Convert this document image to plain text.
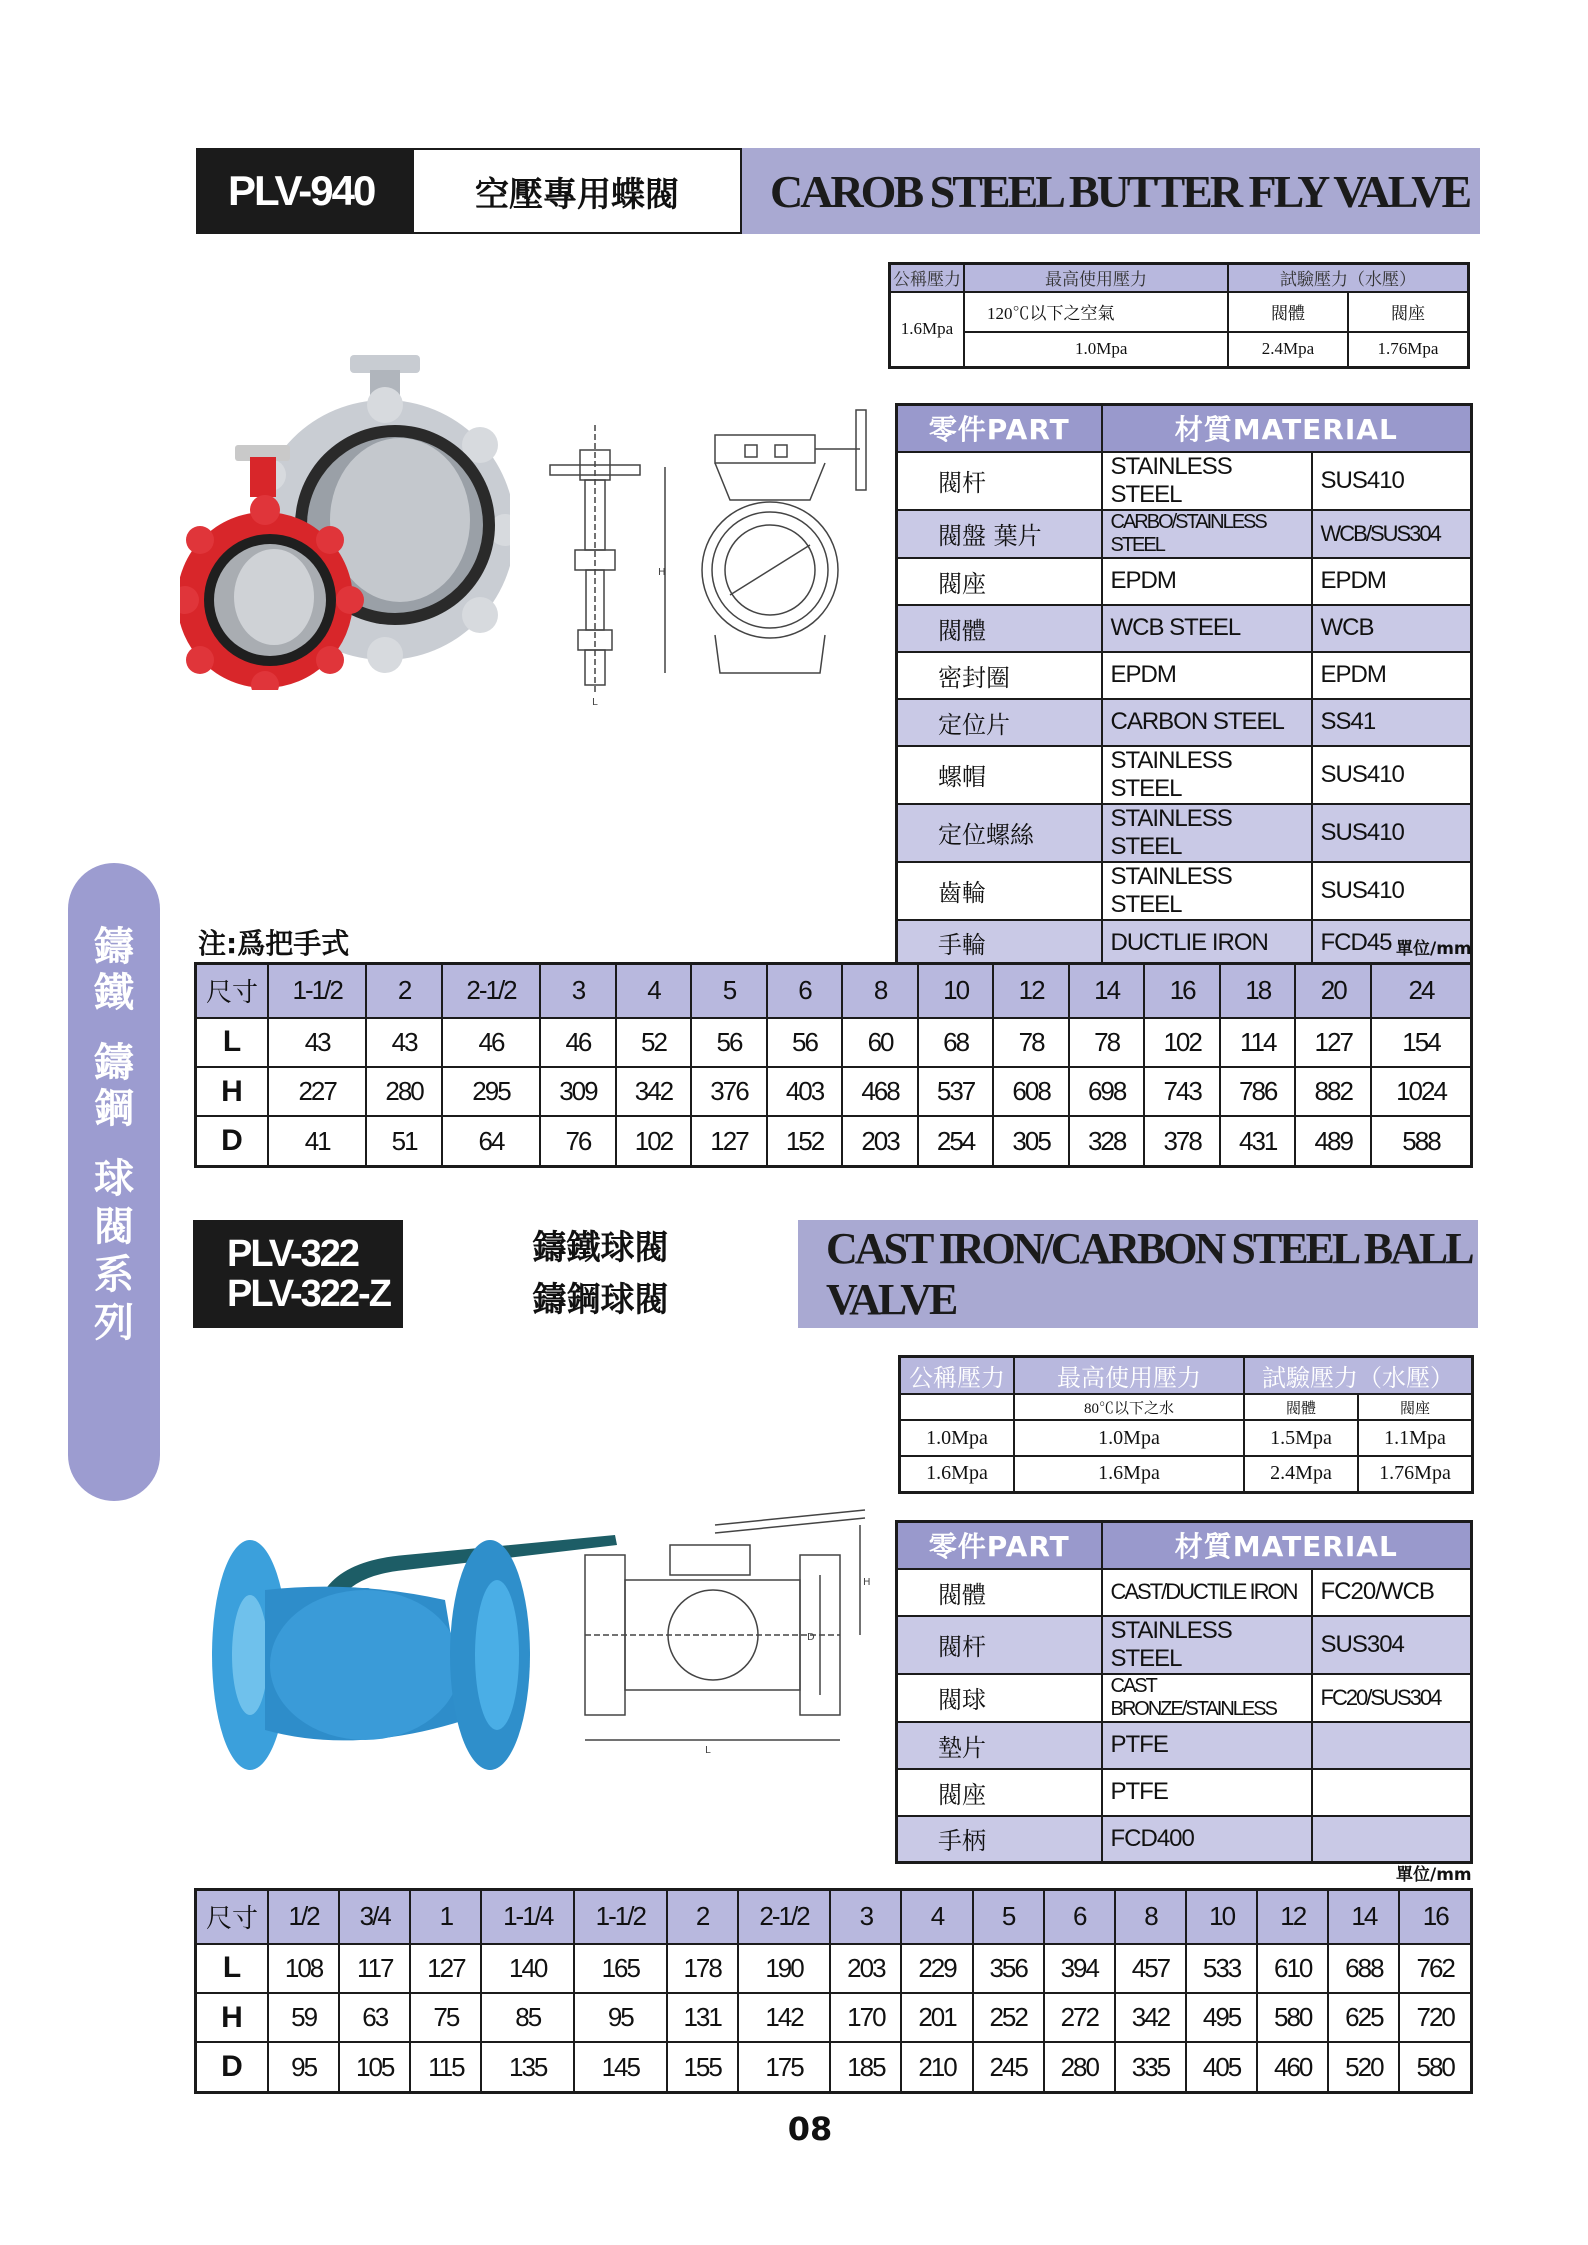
PLV-940	空壓專用蝶閥	CAROB STEEL BUTTER FLY VALVE
公稱壓力	最高使用壓力	試驗壓力（水壓）	
1.6Mpa	120℃以下之空氣	閥體	閥座
	1.0Mpa	2.4Mpa	1.76Mpa
L
H
零件PART	材質MATERIAL	
閥杆	STAINLESS STEEL	SUS410
閥盤 葉片	CARBO/STAINLESS STEEL	WCB/SUS304
閥座	EPDM	EPDM
閥體	WCB STEEL	WCB
密封圈	EPDM	EPDM
定位片	CARBON STEEL	SS41
螺帽	STAINLESS STEEL	SUS410
定位螺絲	STAINLESS STEEL	SUS410
齒輪	STAINLESS STEEL	SUS410
手輪	DUCTLIE IRON	FCD45
注:爲把手式	單位/mm
尺寸	1-1/2	2	2-1/2	3	4	5	6	8	10	12	14	16	18	20	24
L	43	43	46	46	52	56	56	60	68	78	78	102	114	127	154
H	227	280	295	309	342	376	403	468	537	608	698	743	786	882	1024
D	41	51	64	76	102	127	152	203	254	305	328	378	431	489	588
鑄
鐵
鑄
鋼
球
閥
系
列
PLV-322
PLV-322-Z
鑄鐵球閥
鑄鋼球閥
CAST IRON/CARBON STEEL BALL VALVE
公稱壓力	最高使用壓力	試驗壓力（水壓）	
	80℃以下之水	閥體	閥座
1.0Mpa	1.0Mpa	1.5Mpa	1.1Mpa
1.6Mpa	1.6Mpa	2.4Mpa	1.76Mpa
H
D
L
零件PART	材質MATERIAL	
閥體	CAST/DUCTILE IRON	FC20/WCB
閥杆	STAINLESS STEEL	SUS304
閥球	CAST BRONZE/STAINLESS	FC20/SUS304
墊片	PTFE	
閥座	PTFE	
手柄	FCD400	
單位/mm
尺寸	1/2	3/4	1	1-1/4	1-1/2	2	2-1/2	3	4	5	6	8	10	12	14	16
L	108	117	127	140	165	178	190	203	229	356	394	457	533	610	688	762
H	59	63	75	85	95	131	142	170	201	252	272	342	495	580	625	720
D	95	105	115	135	145	155	175	185	210	245	280	335	405	460	520	580
08
